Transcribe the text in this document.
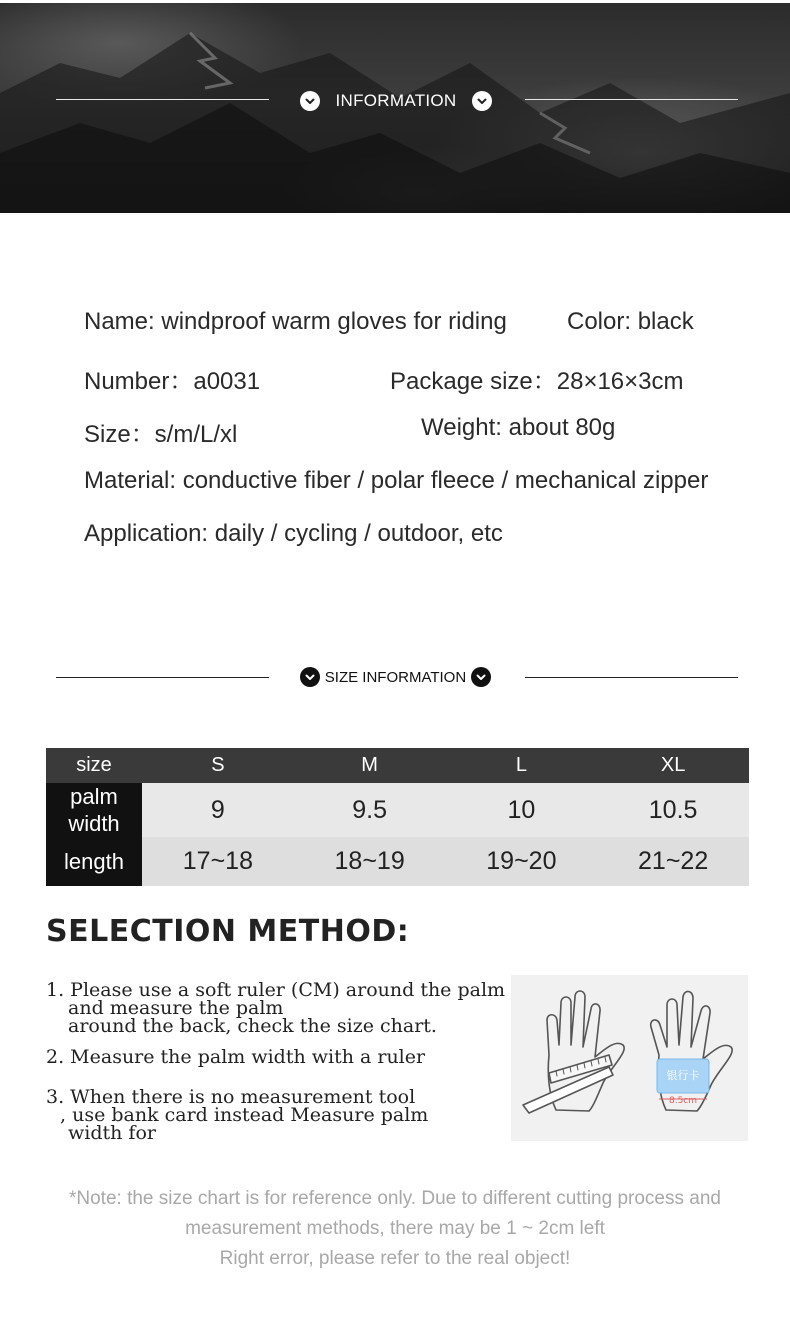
INFORMATION
Name: windproof warm gloves for riding	Color: black
Number：a0031	Package size：28×16×3cm
Size：s/m/L/xl	Weight: about 80g
Material: conductive fiber / polar fleece / mechanical zipper
Application: daily / cycling / outdoor, etc
SIZE INFORMATION
size	S	M	L	XL

palm
width	9	9.5	10	10.5
length	17~18	18~19	19~20	21~22
SELECTION METHOD:
1. Please use a soft ruler (CM) around the palm
and measure the palm
around the back, check the size chart.
2. Measure the palm width with a ruler
3. When there is no measurement tool
, use bank card instead Measure palm
width for
银行卡
8.5cm
*Note: the size chart is for reference only. Due to different cutting process and
measurement methods, there may be 1 ~ 2cm left
Right error, please refer to the real object!
